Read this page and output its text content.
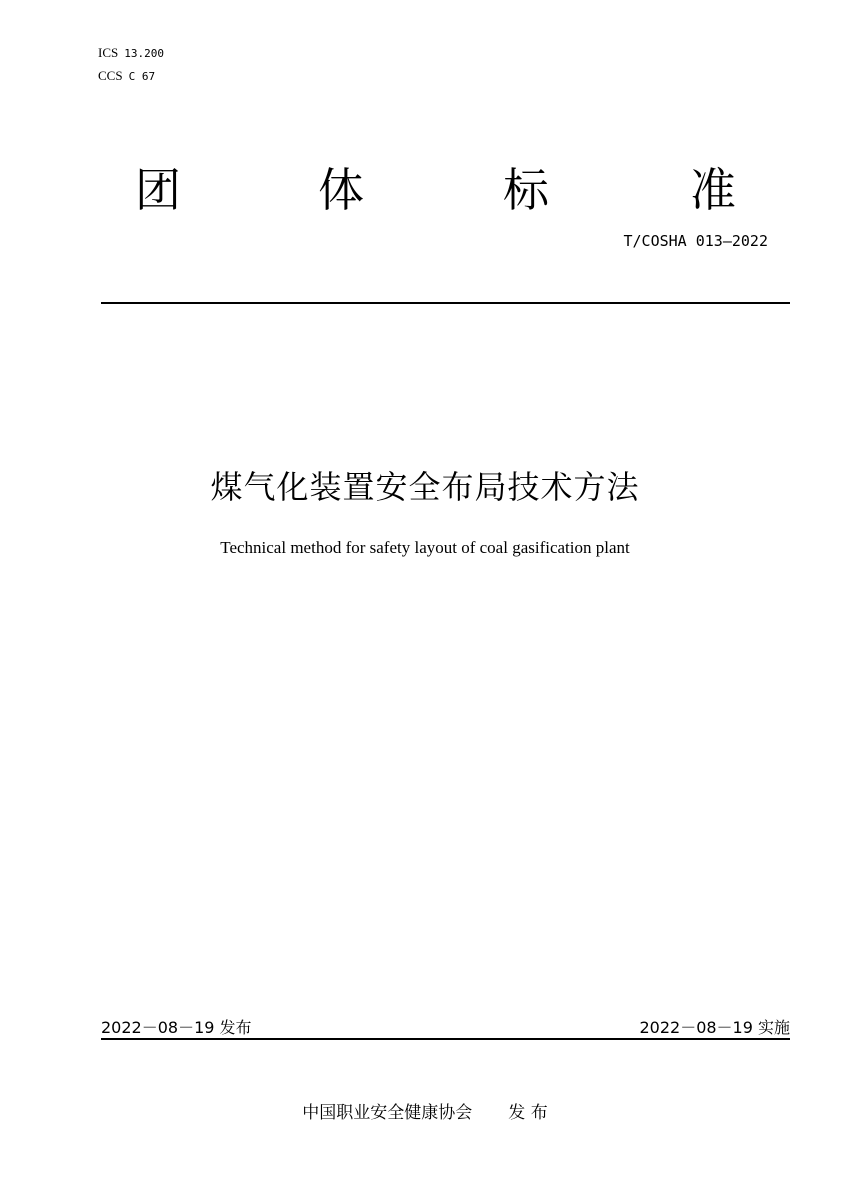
ICS 13.200
CCS C 67
团	体	标	准
T/COSHA 013—2022
煤气化装置安全布局技术方法
Technical method for safety layout of coal gasification plant
2022－08－19 发布	2022－08－19 实施
中国职业安全健康协会 发 布
